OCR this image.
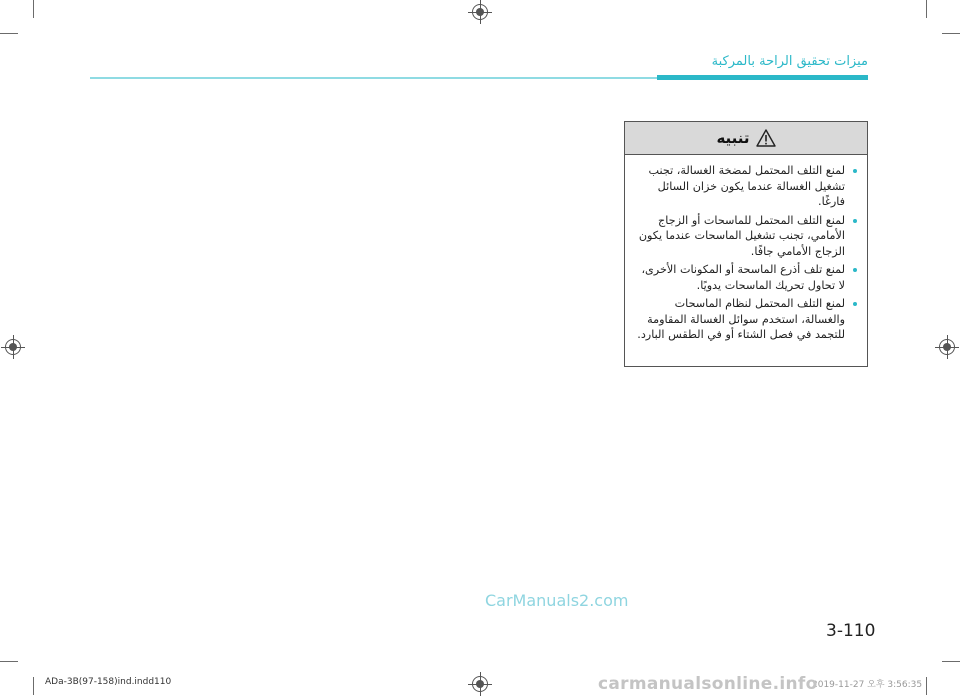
ميزات تحقيق الراحة بالمركبة
تنبيه
لمنع التلف المحتمل لمضخة الغسالة، تجنب تشغيل الغسالة عندما يكون خزان السائل فارغًا.
لمنع التلف المحتمل للماسحات أو الزجاج الأمامي، تجنب تشغيل الماسحات عندما يكون الزجاج الأمامي جافًا.
لمنع تلف أذرع الماسحة أو المكونات الأخرى، لا تحاول تحريك الماسحات يدويًا.
لمنع التلف المحتمل لنظام الماسحات والغسالة، استخدم سوائل الغسالة المقاومة للتجمد في فصل الشتاء أو في الطقس البارد.
CarManuals2.com
3-110
ADa-3B(97-158)ind.indd 110	2019-11-27 오후 3:56:35
carmanualsonline.info
